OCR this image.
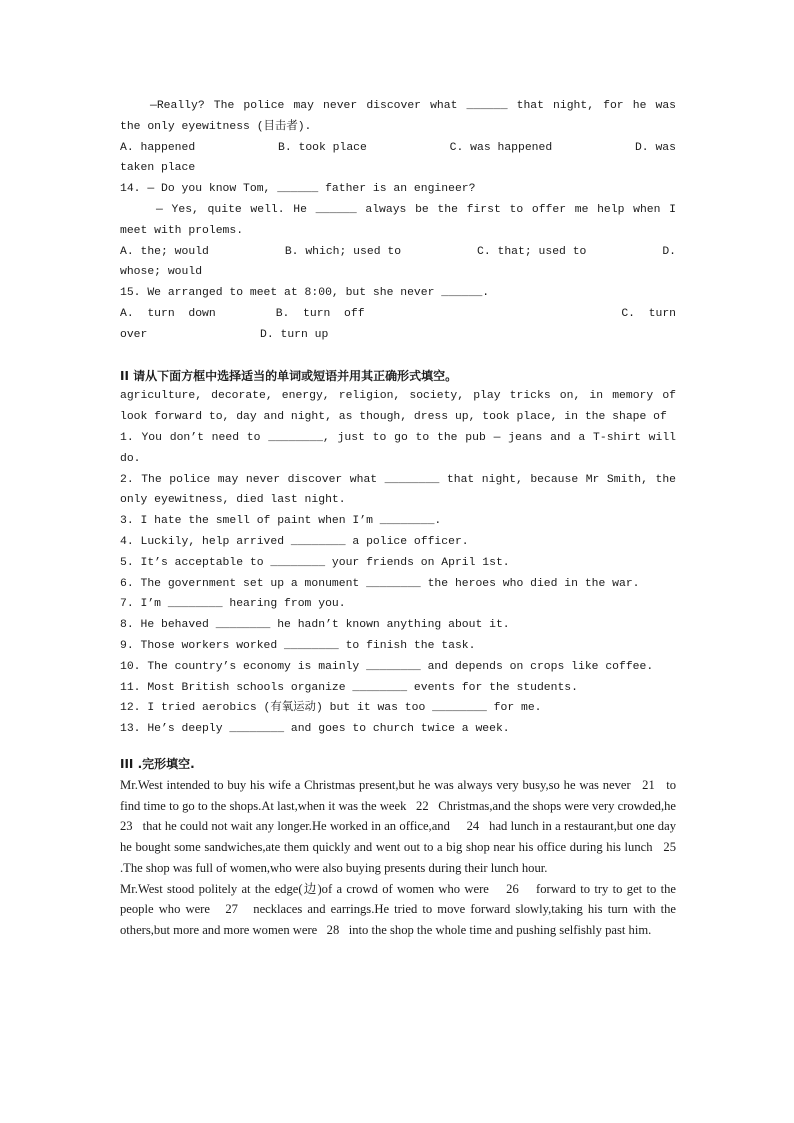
—Really? The police may never discover what ______ that night, for he was the only eyewitness (目击者).

A. happened	B. took place	C. was happened	D. was

taken place

14. — Do you know Tom, ______ father is an engineer?

— Yes, quite well. He ______ always be the first to offer me help when I meet with prolems.

A. the; would	B. which; used to	C. that; used to	D.

whose; would

15. We arranged to meet at 8:00, but she never ______.

A.  turn  down	B.  turn  off	C.  turn
over	D. turn up

II 请从下面方框中选择适当的单词或短语并用其正确形式填空。

agriculture, decorate, energy, religion, society, play tricks on, in memory of look forward to, day and night, as though, dress up, took place, in the shape of

1. You don’t need to ________, just to go to the pub — jeans and a T-shirt will do.

2. The police may never discover what ________ that night, because Mr Smith, the only eyewitness, died last night.

3. I hate the smell of paint when I’m ________.

4. Luckily, help arrived ________ a police officer.

5. It’s acceptable to ________ your friends on April 1st.

6. The government set up a monument ________ the heroes who died in the war.

7. I’m ________ hearing from you.

8. He behaved ________ he hadn’t known anything about it.

9. Those workers worked ________ to finish the task.

10. The country’s economy is mainly ________ and depends on crops like coffee.

11. Most British schools organize ________ events for the students.

12. I tried aerobics (有氧运动) but it was too ________ for me.

13. He’s deeply ________ and goes to church twice a week.

III .完形填空.

Mr.West intended to buy his wife a Christmas present,but he was always very busy,so he was never   21   to find time to go to the shops.At last,when it was the week   22   Christmas,and the shops were very crowded,he   23   that he could not wait any longer.He worked in an office,and     24   had lunch in a restaurant,but one day he bought some sandwiches,ate them quickly and went out to a big shop near his office during his lunch   25   .The shop was full of women,who were also buying presents during their lunch hour.

Mr.West stood politely at the edge(边)of a crowd of women who were    26    forward to try to get to the people who were   27   necklaces and earrings.He tried to move forward slowly,taking his turn with the others,but more and more women were   28   into the shop the whole time and pushing selfishly past him.
